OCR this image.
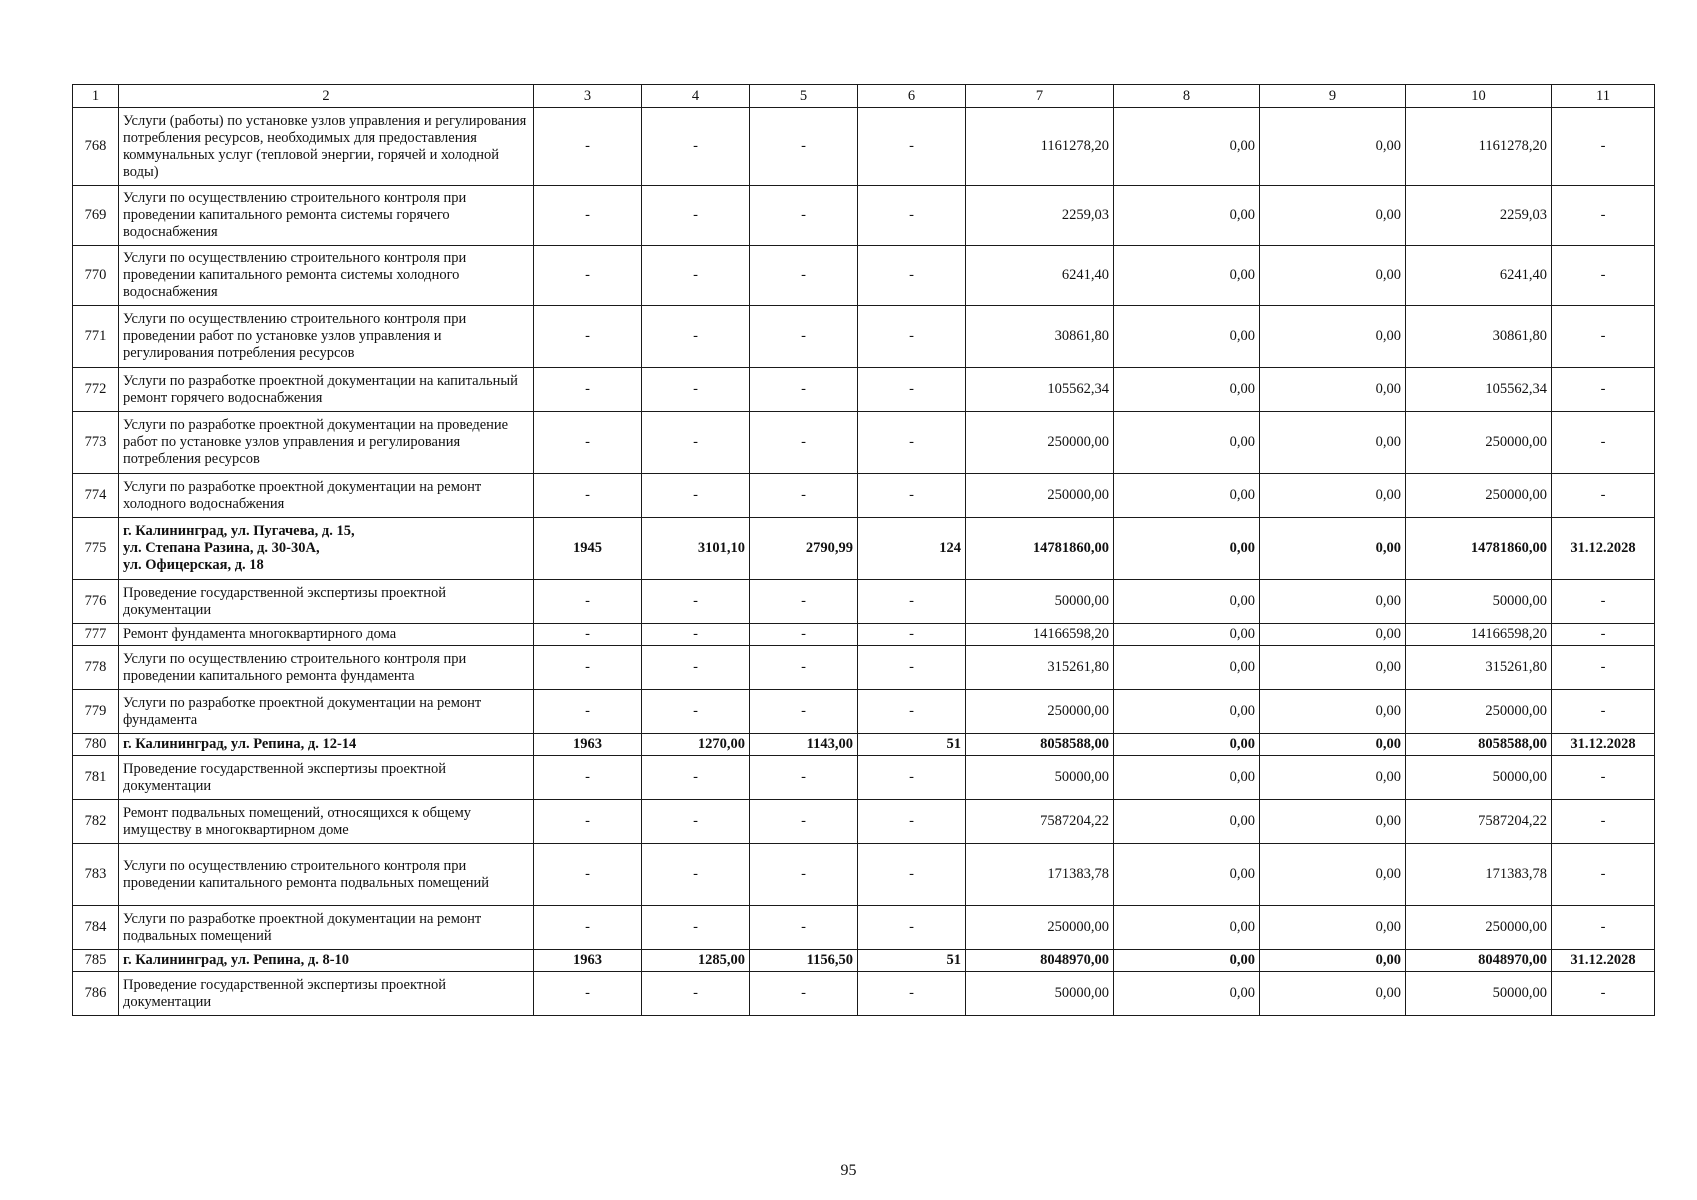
1	2	3	4	5	6	7	8	9	10	11
768	Услуги (работы) по установке узлов управления и регулирования потребления ресурсов, необходимых для предоставления коммунальных услуг (тепловой энергии, горячей и холодной воды)	-	-	-	-	1161278,20	0,00	0,00	1161278,20	-
769	Услуги по осуществлению строительного контроля при проведении капитального ремонта системы горячего водоснабжения	-	-	-	-	2259,03	0,00	0,00	2259,03	-
770	Услуги по осуществлению строительного контроля при проведении капитального ремонта системы холодного водоснабжения	-	-	-	-	6241,40	0,00	0,00	6241,40	-
771	Услуги по осуществлению строительного контроля при проведении работ по установке узлов управления и регулирования потребления ресурсов	-	-	-	-	30861,80	0,00	0,00	30861,80	-
772	Услуги по разработке проектной документации на капитальный ремонт горячего водоснабжения	-	-	-	-	105562,34	0,00	0,00	105562,34	-
773	Услуги по разработке проектной документации на проведение работ по установке узлов управления и регулирования потребления ресурсов	-	-	-	-	250000,00	0,00	0,00	250000,00	-
774	Услуги по разработке проектной документации на ремонт холодного водоснабжения	-	-	-	-	250000,00	0,00	0,00	250000,00	-
775	г. Калининград, ул. Пугачева, д. 15,
ул. Степана Разина, д. 30-30А,
ул. Офицерская, д. 18	1945	3101,10	2790,99	124	14781860,00	0,00	0,00	14781860,00	31.12.2028
776	Проведение государственной экспертизы проектной документации	-	-	-	-	50000,00	0,00	0,00	50000,00	-
777	Ремонт фундамента многоквартирного дома	-	-	-	-	14166598,20	0,00	0,00	14166598,20	-
778	Услуги по осуществлению строительного контроля при проведении капитального ремонта фундамента	-	-	-	-	315261,80	0,00	0,00	315261,80	-
779	Услуги по разработке проектной документации на ремонт фундамента	-	-	-	-	250000,00	0,00	0,00	250000,00	-
780	г. Калининград, ул. Репина, д. 12-14	1963	1270,00	1143,00	51	8058588,00	0,00	0,00	8058588,00	31.12.2028
781	Проведение государственной экспертизы проектной документации	-	-	-	-	50000,00	0,00	0,00	50000,00	-
782	Ремонт подвальных помещений, относящихся к общему имуществу в многоквартирном доме	-	-	-	-	7587204,22	0,00	0,00	7587204,22	-
783	Услуги по осуществлению строительного контроля при проведении капитального ремонта подвальных помещений	-	-	-	-	171383,78	0,00	0,00	171383,78	-
784	Услуги по разработке проектной документации на ремонт подвальных помещений	-	-	-	-	250000,00	0,00	0,00	250000,00	-
785	г. Калининград, ул. Репина, д. 8-10	1963	1285,00	1156,50	51	8048970,00	0,00	0,00	8048970,00	31.12.2028
786	Проведение государственной экспертизы проектной документации	-	-	-	-	50000,00	0,00	0,00	50000,00	-
95
